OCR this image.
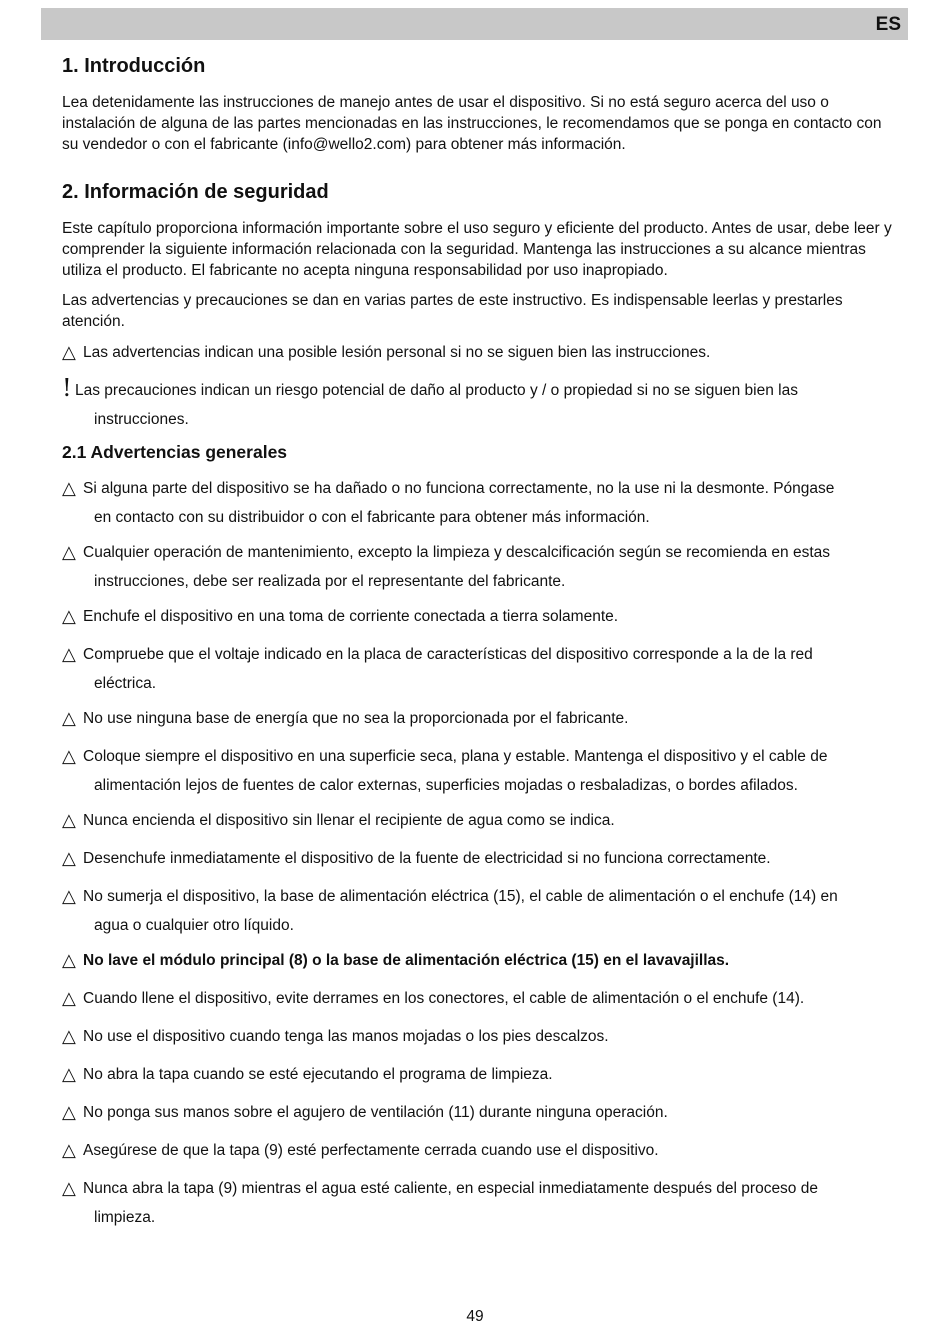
ES
1. Introducción

Lea detenidamente las instrucciones de manejo antes de usar el dispositivo. Si no está seguro acerca del uso o instalación de alguna de las partes mencionadas en las instrucciones, le recomendamos que se ponga en contacto con su vendedor o con el fabricante (info@wello2.com) para obtener más información.

2. Información de seguridad

Este capítulo proporciona información importante sobre el uso seguro y eficiente del producto. Antes de usar, debe leer y comprender la siguiente información relacionada con la seguridad. Mantenga las instrucciones a su alcance mientras utiliza el producto. El fabricante no acepta ninguna responsabilidad por uso inapropiado.

Las advertencias y precauciones se dan en varias partes de este instructivo. Es indispensable leerlas y prestarles atención.

△ Las advertencias indican una posible lesión personal si no se siguen bien las instrucciones.
! Las precauciones indican un riesgo potencial de daño al producto y / o propiedad si no se siguen bien las
instrucciones.
2.1 Advertencias generales
△ Si alguna parte del dispositivo se ha dañado o no funciona correctamente, no la use ni la desmonte. Póngase
en contacto con su distribuidor o con el fabricante para obtener más información.
△ Cualquier operación de mantenimiento, excepto la limpieza y descalcificación según se recomienda en estas
instrucciones, debe ser realizada por el representante del fabricante.
△ Enchufe el dispositivo en una toma de corriente conectada a tierra solamente.
△ Compruebe que el voltaje indicado en la placa de características del dispositivo corresponde a la de la red
eléctrica.
△ No use ninguna base de energía que no sea la proporcionada por el fabricante.
△ Coloque siempre el dispositivo en una superficie seca, plana y estable. Mantenga el dispositivo y el cable de
alimentación lejos de fuentes de calor externas, superficies mojadas o resbaladizas, o bordes afilados.
△ Nunca encienda el dispositivo sin llenar el recipiente de agua como se indica.
△ Desenchufe inmediatamente el dispositivo de la fuente de electricidad si no funciona correctamente.
△ No sumerja el dispositivo, la base de alimentación eléctrica (15), el cable de alimentación o el enchufe (14) en
agua o cualquier otro líquido.
△ No lave el módulo principal (8) o la base de alimentación eléctrica (15) en el lavavajillas.
△ Cuando llene el dispositivo, evite derrames en los conectores, el cable de alimentación o el enchufe (14).
△ No use el dispositivo cuando tenga las manos mojadas o los pies descalzos.
△ No abra la tapa cuando se esté ejecutando el programa de limpieza.
△ No ponga sus manos sobre el agujero de ventilación (11) durante ninguna operación.
△ Asegúrese de que la tapa (9) esté perfectamente cerrada cuando use el dispositivo.
△ Nunca abra la tapa (9) mientras el agua esté caliente, en especial inmediatamente después del proceso de
limpieza.
49
